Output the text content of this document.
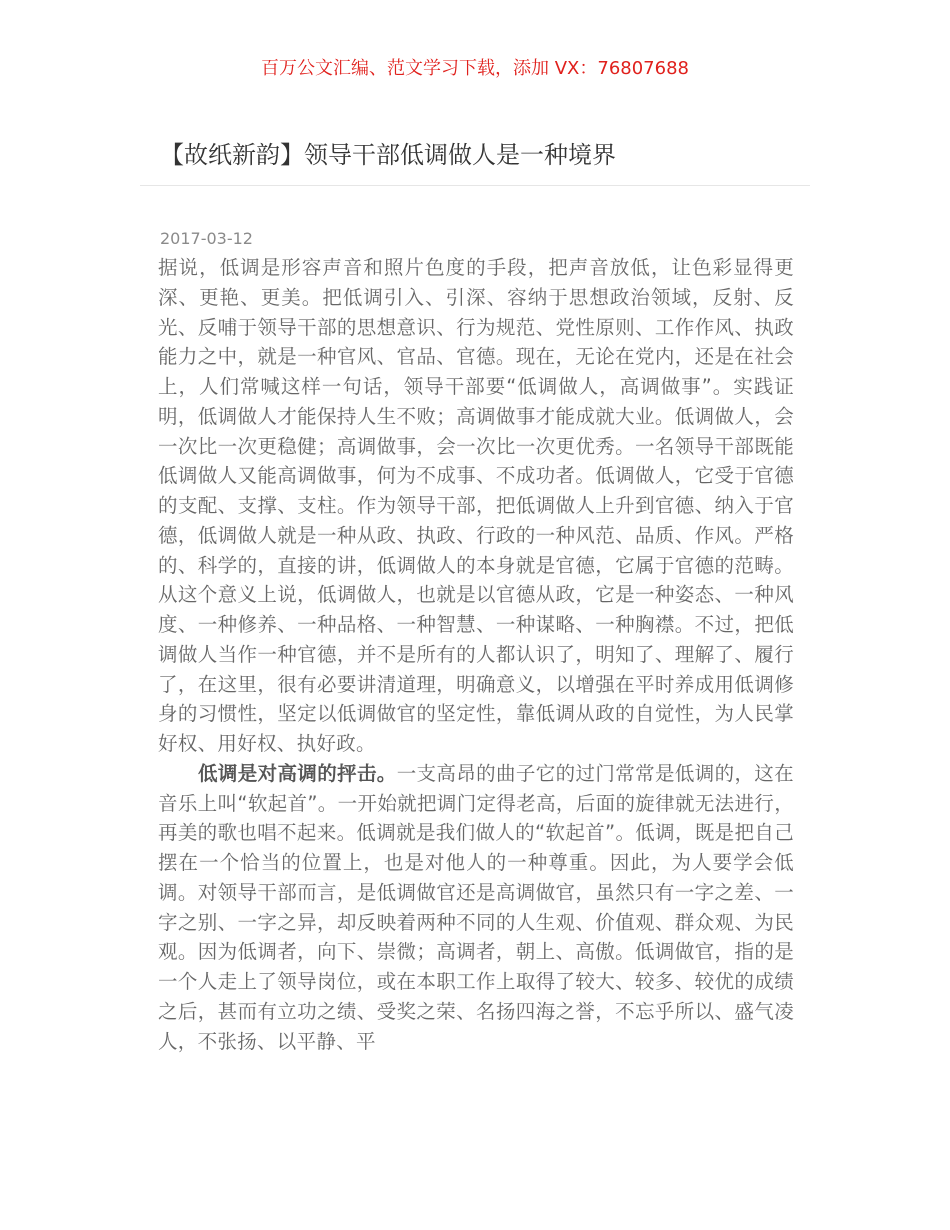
百万公文汇编、范文学习下载，添加 VX：76807688
【故纸新韵】领导干部低调做人是一种境界
2017-03-12

据说，低调是形容声音和照片色度的手段，把声音放低，让色彩显得更深、更艳、更美。把低调引入、引深、容纳于思想政治领域，反射、反光、反哺于领导干部的思想意识、行为规范、党性原则、工作作风、执政能力之中，就是一种官风、官品、官德。现在，无论在党内，还是在社会上，人们常喊这样一句话，领导干部要“低调做人，高调做事”。实践证明，低调做人才能保持人生不败；高调做事才能成就大业。低调做人，会一次比一次更稳健；高调做事，会一次比一次更优秀。一名领导干部既能低调做人又能高调做事，何为不成事、不成功者。低调做人，它受于官德的支配、支撑、支柱。作为领导干部，把低调做人上升到官德、纳入于官德，低调做人就是一种从政、执政、行政的一种风范、品质、作风。严格的、科学的，直接的讲，低调做人的本身就是官德，它属于官德的范畴。从这个意义上说，低调做人，也就是以官德从政，它是一种姿态、一种风度、一种修养、一种品格、一种智慧、一种谋略、一种胸襟。不过，把低调做人当作一种官德，并不是所有的人都认识了，明知了、理解了、履行了，在这里，很有必要讲清道理，明确意义，以增强在平时养成用低调修身的习惯性，坚定以低调做官的坚定性，靠低调从政的自觉性，为人民掌好权、用好权、执好政。

低调是对高调的抨击。一支高昂的曲子它的过门常常是低调的，这在音乐上叫“软起首”。一开始就把调门定得老高，后面的旋律就无法进行，再美的歌也唱不起来。低调就是我们做人的“软起首”。低调，既是把自己摆在一个恰当的位置上，也是对他人的一种尊重。因此，为人要学会低调。对领导干部而言，是低调做官还是高调做官，虽然只有一字之差、一字之别、一字之异，却反映着两种不同的人生观、价值观、群众观、为民观。因为低调者，向下、崇微；高调者，朝上、高傲。低调做官，指的是一个人走上了领导岗位，或在本职工作上取得了较大、较多、较优的成绩之后，甚而有立功之绩、受奖之荣、名扬四海之誉，不忘乎所以、盛气凌人，不张扬、以平静、平
